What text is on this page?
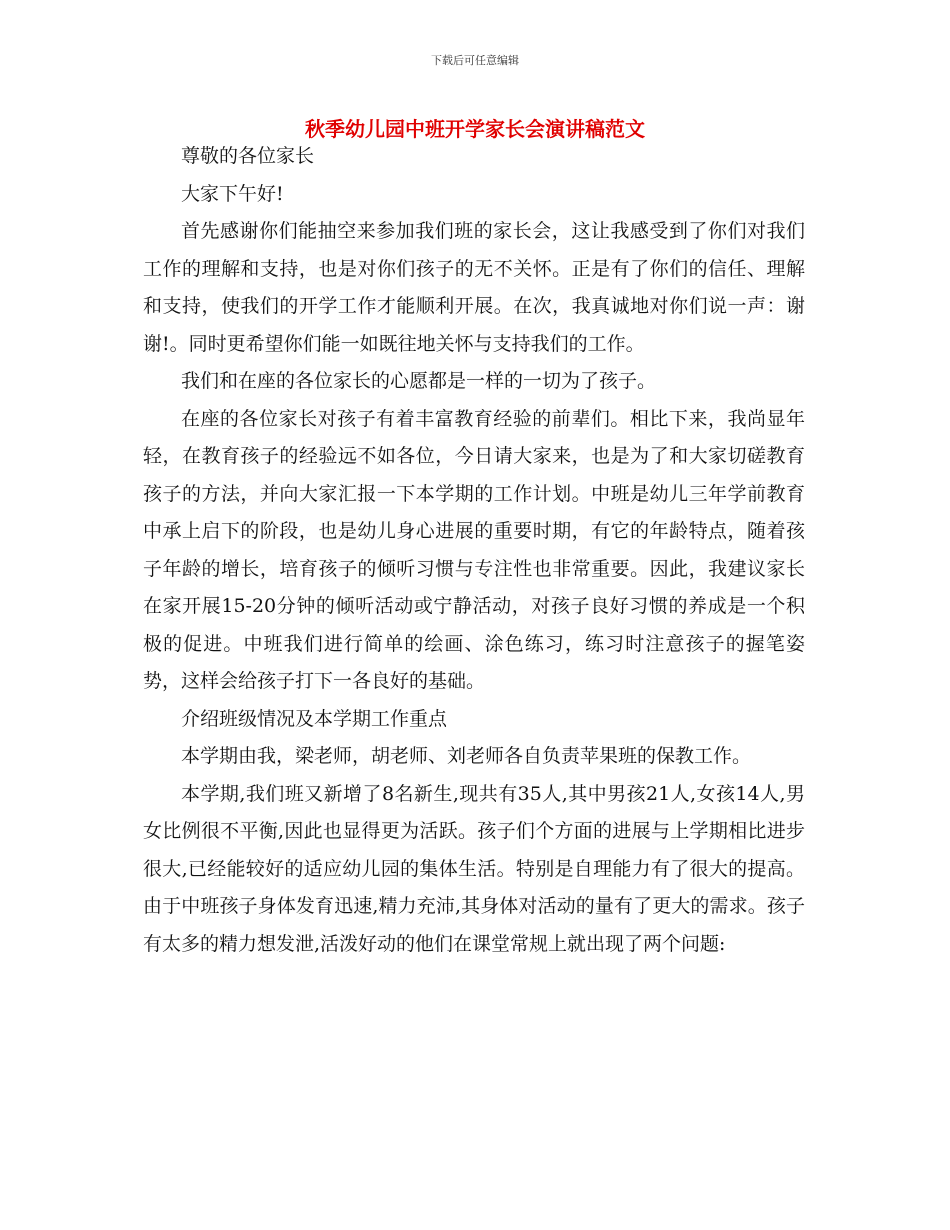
下载后可任意编辑
秋季幼儿园中班开学家长会演讲稿范文

尊敬的各位家长

大家下午好!

首先感谢你们能抽空来参加我们班的家长会，这让我感受到了你们对我们工作的理解和支持，也是对你们孩子的无不关怀。正是有了你们的信任、理解和支持，使我们的开学工作才能顺利开展。在次，我真诚地对你们说一声：谢谢!。同时更希望你们能一如既往地关怀与支持我们的工作。

我们和在座的各位家长的心愿都是一样的一切为了孩子。

在座的各位家长对孩子有着丰富教育经验的前辈们。相比下来，我尚显年轻，在教育孩子的经验远不如各位，今日请大家来，也是为了和大家切磋教育孩子的方法，并向大家汇报一下本学期的工作计划。中班是幼儿三年学前教育中承上启下的阶段，也是幼儿身心进展的重要时期，有它的年龄特点，随着孩子年龄的增长，培育孩子的倾听习惯与专注性也非常重要。因此，我建议家长在家开展15-20分钟的倾听活动或宁静活动，对孩子良好习惯的养成是一个积极的促进。中班我们进行简单的绘画、涂色练习，练习时注意孩子的握笔姿势，这样会给孩子打下一各良好的基础。

介绍班级情况及本学期工作重点

本学期由我，梁老师，胡老师、刘老师各自负责苹果班的保教工作。

本学期,我们班又新增了8名新生,现共有35人,其中男孩21人,女孩14人,男女比例很不平衡,因此也显得更为活跃。孩子们个方面的进展与上学期相比进步很大,已经能较好的适应幼儿园的集体生活。特别是自理能力有了很大的提高。由于中班孩子身体发育迅速,精力充沛,其身体对活动的量有了更大的需求。孩子有太多的精力想发泄,活泼好动的他们在课堂常规上就出现了两个问题:
